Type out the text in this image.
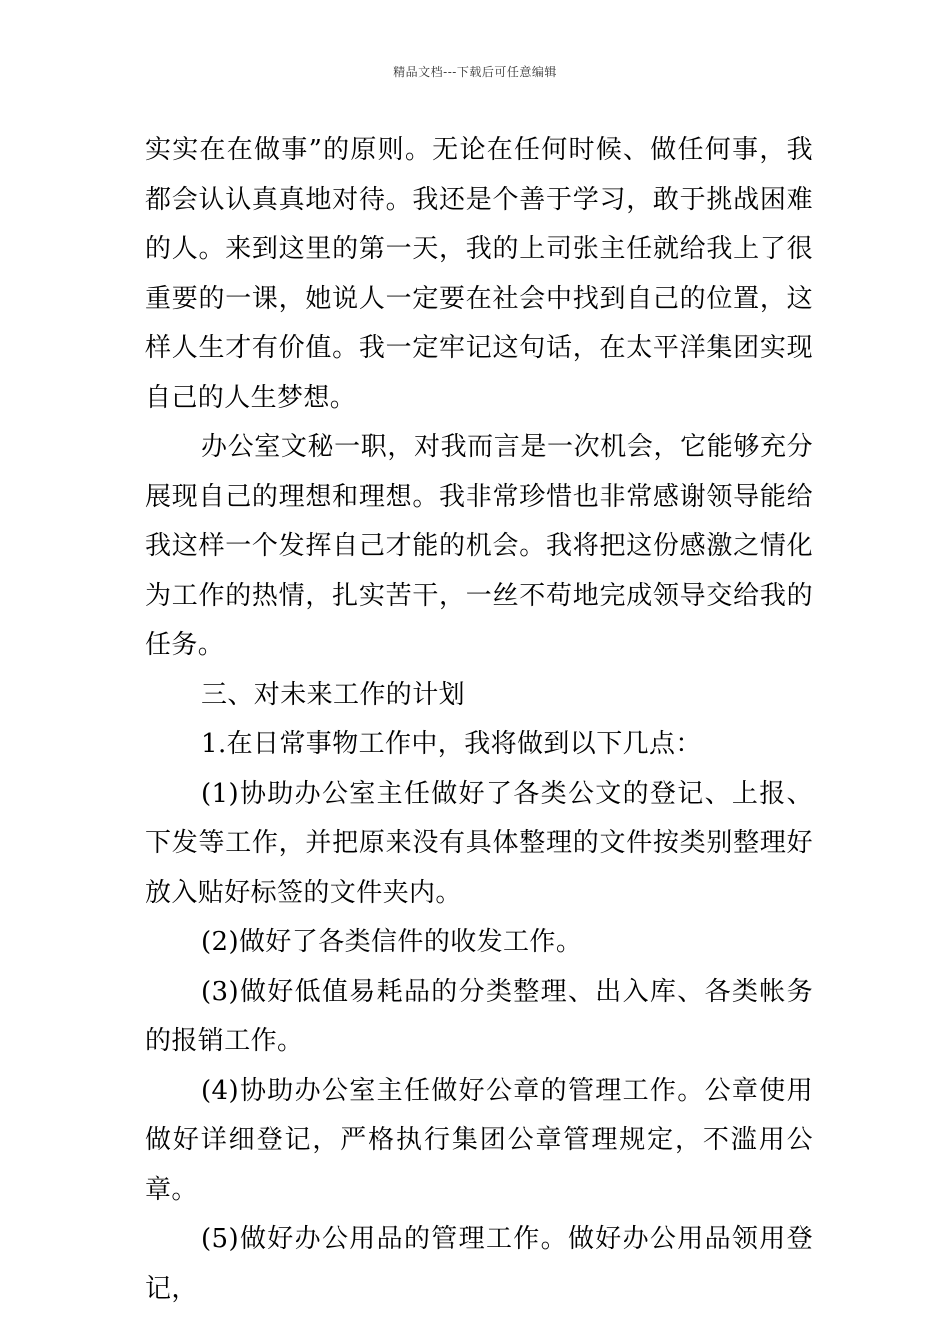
精品文档---下载后可任意编辑

实实在在做事”的原则。无论在任何时候、做任何事，我都会认认真真地对待。我还是个善于学习，敢于挑战困难的人。来到这里的第一天，我的上司张主任就给我上了很重要的一课，她说人一定要在社会中找到自己的位置，这样人生才有价值。我一定牢记这句话，在太平洋集团实现自己的人生梦想。

办公室文秘一职，对我而言是一次机会，它能够充分展现自己的理想和理想。我非常珍惜也非常感谢领导能给我这样一个发挥自己才能的机会。我将把这份感激之情化为工作的热情，扎实苦干，一丝不苟地完成领导交给我的任务。

三、对未来工作的计划

1.在日常事物工作中，我将做到以下几点：

(1)协助办公室主任做好了各类公文的登记、上报、下发等工作，并把原来没有具体整理的文件按类别整理好放入贴好标签的文件夹内。

(2)做好了各类信件的收发工作。

(3)做好低值易耗品的分类整理、出入库、各类帐务的报销工作。

(4)协助办公室主任做好公章的管理工作。公章使用做好详细登记，严格执行集团公章管理规定，不滥用公章。

(5)做好办公用品的管理工作。做好办公用品领用登记，
